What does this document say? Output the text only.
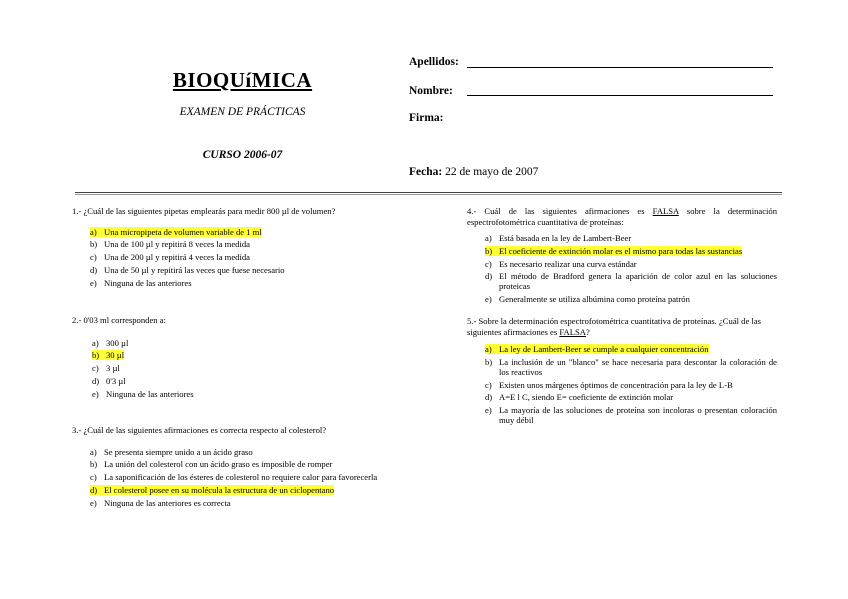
BIOQUíMICA
EXAMEN DE PRÁCTICAS
CURSO 2006-07
Apellidos:
Nombre:
Firma:
Fecha: 22 de mayo de 2007
1.- ¿Cuál de las siguientes pipetas emplearás para medir 800 µl de volumen?
a) Una micropipeta de volumen variable de 1 ml
b) Una de 100 µl y repitirá 8 veces la medida
c) Una de 200 µl y repitirá 4 veces la medida
d) Una de 50 µl y repitirá las veces que fuese necesario
e) Ninguna de las anteriores
2.- 0'03 ml corresponden a:
a) 300 µl
b) 30 µl
c) 3 µl
d) 0'3 µl
e) Ninguna de las anteriores
3.- ¿Cuál de las siguientes afirmaciones es correcta respecto al colesterol?
a) Se presenta siempre unido a un ácido graso
b) La unión del colesterol con un ácido graso es imposible de romper
c) La saponificación de los ésteres de colesterol no requiere calor para favorecerla
d) El colesterol posee en su molécula la estructura de un ciclopentano
e) Ninguna de las anteriores es correcta
4.- Cuál de las siguientes afirmaciones es FALSA sobre la determinación espectrofotométrica cuantitativa de proteínas:
a) Está basada en la ley de Lambert-Beer
b) El coeficiente de extinción molar es el mismo para todas las sustancias
c) Es necesario realizar una curva estándar
d) El método de Bradford genera la aparición de color azul en las soluciones proteicas
e) Generalmente se utiliza albúmina como proteína patrón
5.- Sobre la determinación espectrofotométrica cuantitativa de proteínas. ¿Cuál de las siguientes afirmaciones es FALSA?
a) La ley de Lambert-Beer se cumple a cualquier concentración
b) La inclusión de un "blanco" se hace necesaria para descontar la coloración de los reactivos
c) Existen unos márgenes óptimos de concentración para la ley de L-B
d) A=E l C, siendo E= coeficiente de extinción molar
e) La mayoría de las soluciones de proteína son incoloras o presentan coloración muy débil
